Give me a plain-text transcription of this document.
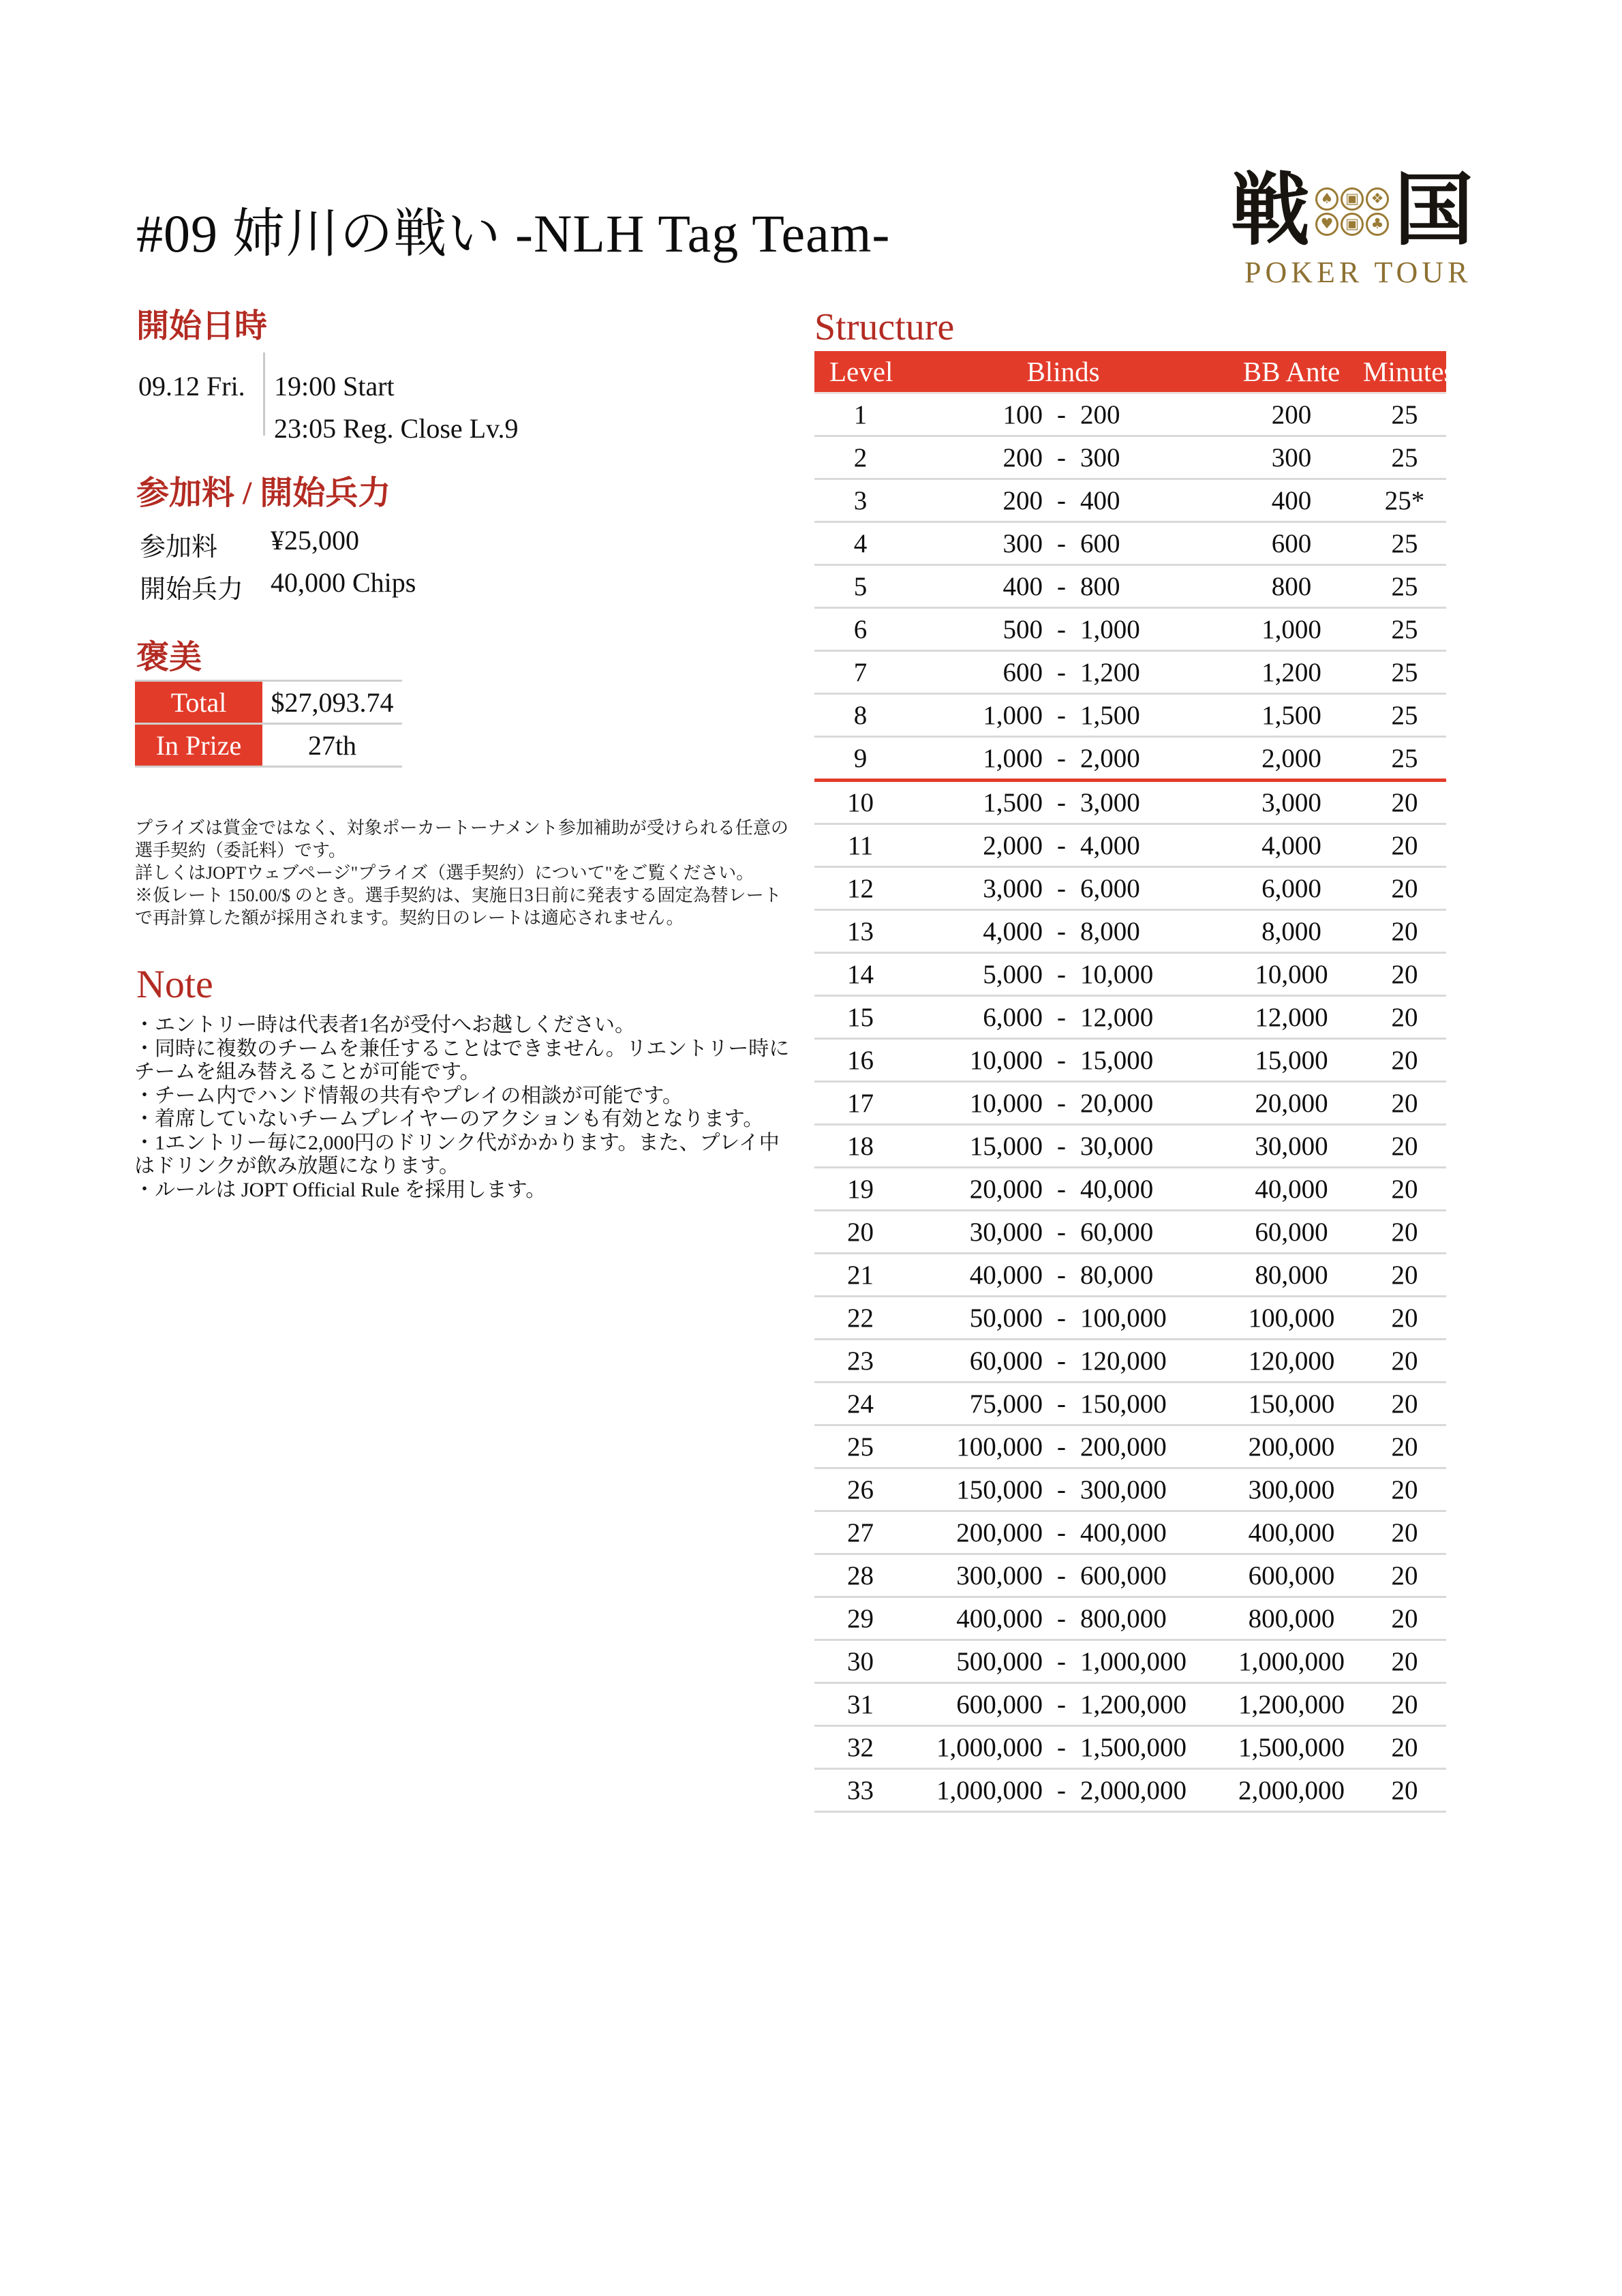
#09 姉川の戦い -NLH Tag Team-	戦 ♠ ▣ ❖
♥ ▣ ♣ 国
POKER TOUR
開始日時
09.12 Fri. 19:00 Start
23:05 Reg. Close Lv.9
参加料 / 開始兵力
参加料 ¥25,000
開始兵力 40,000 Chips
褒美
Total	$27,093.74
In Prize	27th
プライズは賞金ではなく、対象ポーカートーナメント参加補助が受けられる任意の
選手契約（委託料）です。
詳しくはJOPTウェブページ"プライズ（選手契約）について"をご覧ください。
※仮レート 150.00/$ のとき。選手契約は、実施日3日前に発表する固定為替レート
で再計算した額が採用されます。契約日のレートは適応されません。
Note
・エントリー時は代表者1名が受付へお越しください。
・同時に複数のチームを兼任することはできません。リエントリー時に
チームを組み替えることが可能です。
・チーム内でハンド情報の共有やプレイの相談が可能です。
・着席していないチームプレイヤーのアクションも有効となります。
・1エントリー毎に2,000円のドリンク代がかかります。また、プレイ中
はドリンクが飲み放題になります。
・ルールは JOPT Official Rule を採用します。
Structure
Level	Blinds	BB Ante Minutes
1	100 - 200	200	25
2	200 - 300	300	25
3	200 - 400	400	25*
4	300 - 600	600	25
5	400 - 800	800	25
6	500 - 1,000	1,000	25
7	600 - 1,200	1,200	25
8	1,000 - 1,500	1,500	25
9	1,000 - 2,000	2,000	25
10	1,500 - 3,000	3,000	20
11	2,000 - 4,000	4,000	20
12	3,000 - 6,000	6,000	20
13	4,000 - 8,000	8,000	20
14	5,000 - 10,000	10,000	20
15	6,000 - 12,000	12,000	20
16	10,000 - 15,000	15,000	20
17	10,000 - 20,000	20,000	20
18	15,000 - 30,000	30,000	20
19	20,000 - 40,000	40,000	20
20	30,000 - 60,000	60,000	20
21	40,000 - 80,000	80,000	20
22	50,000 - 100,000	100,000	20
23	60,000 - 120,000	120,000	20
24	75,000 - 150,000	150,000	20
25	100,000 - 200,000	200,000	20
26	150,000 - 300,000	300,000	20
27	200,000 - 400,000	400,000	20
28	300,000 - 600,000	600,000	20
29	400,000 - 800,000	800,000	20
30	500,000 - 1,000,000	1,000,000	20
31	600,000 - 1,200,000	1,200,000	20
32	1,000,000 - 1,500,000	1,500,000	20
33	1,000,000 - 2,000,000	2,000,000	20
